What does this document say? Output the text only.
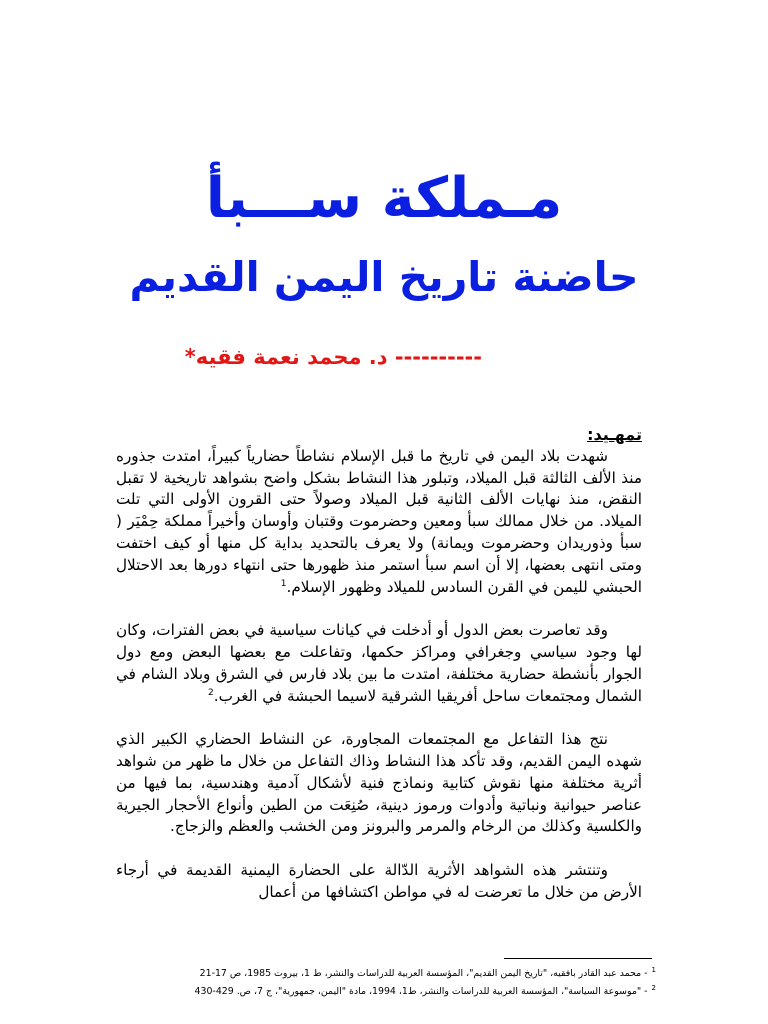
مـملكة ســـبأ
حاضنة تاريخ اليمن القديم
---------- د. محمد نعمة فقيه*
تمهـيد:

شهدت بلاد اليمن في تاريخ ما قبل الإسلام نشاطاً حضارياً كبيراً، امتدت جذوره منذ الألف الثالثة قبل الميلاد، وتبلور هذا النشاط بشكل واضح بشواهد تاريخية لا تقبل النقض، منذ نهايات الألف الثانية قبل الميلاد وصولاً حتى القرون الأولى التي تلت الميلاد. من خلال ممالك سبأ ومعين وحضرموت وقتبان وأوسان وأخيراً مملكة حِمْيَر ( سبأ وذوريدان وحضرموت ويمانة) ولا يعرف بالتحديد بداية كل منها أو كيف اختفت ومتى انتهى بعضها، إلا أن اسم سبأ استمر منذ ظهورها حتى انتهاء دورها بعد الاحتلال الحبشي لليمن في القرن السادس للميلاد وظهور الإسلام.$^1$

وقد تعاصرت بعض الدول أو أدخلت في كيانات سياسية في بعض الفترات، وكان لها وجود سياسي وجغرافي ومراكز حكمها، وتفاعلت مع بعضها البعض ومع دول الجوار بأنشطة حضارية مختلفة، امتدت ما بين بلاد فارس في الشرق وبلاد الشام في الشمال ومجتمعات ساحل أفريقيا الشرقية لاسيما الحبشة في الغرب.$^2$

نتج هذا التفاعل مع المجتمعات المجاورة، عن النشاط الحضاري الكبير الذي شهده اليمن القديم، وقد تأكد هذا النشاط وذاك التفاعل من خلال ما ظهر من شواهد أثرية مختلفة منها نقوش كتابية ونماذج فنية لأشكال آدمية وهندسية، بما فيها من عناصر حيوانية ونباتية وأدوات ورموز دينية، صُنِعَت من الطين وأنواع الأحجار الجيرية والكلسية وكذلك من الرخام والمرمر والبرونز ومن الخشب والعظم والزجاج.

وتنتشر هذه الشواهد الأثرية الدّالة على الحضارة اليمنية القديمة في أرجاء الأرض من خلال ما تعرضت له في مواطن اكتشافها من أعمال

$^1$- محمد عبد القادر بافقيه، "تاريخ اليمن القديم"، المؤسسة العربية للدراسات والنشر، ط 1، بيروت 1985، ص 17-21
$^2$- "موسوعة السياسة"، المؤسسة العربية للدراسات والنشر، ط1، 1994، مادة "اليمن، جمهورية"، ج 7، ص. 429-430
